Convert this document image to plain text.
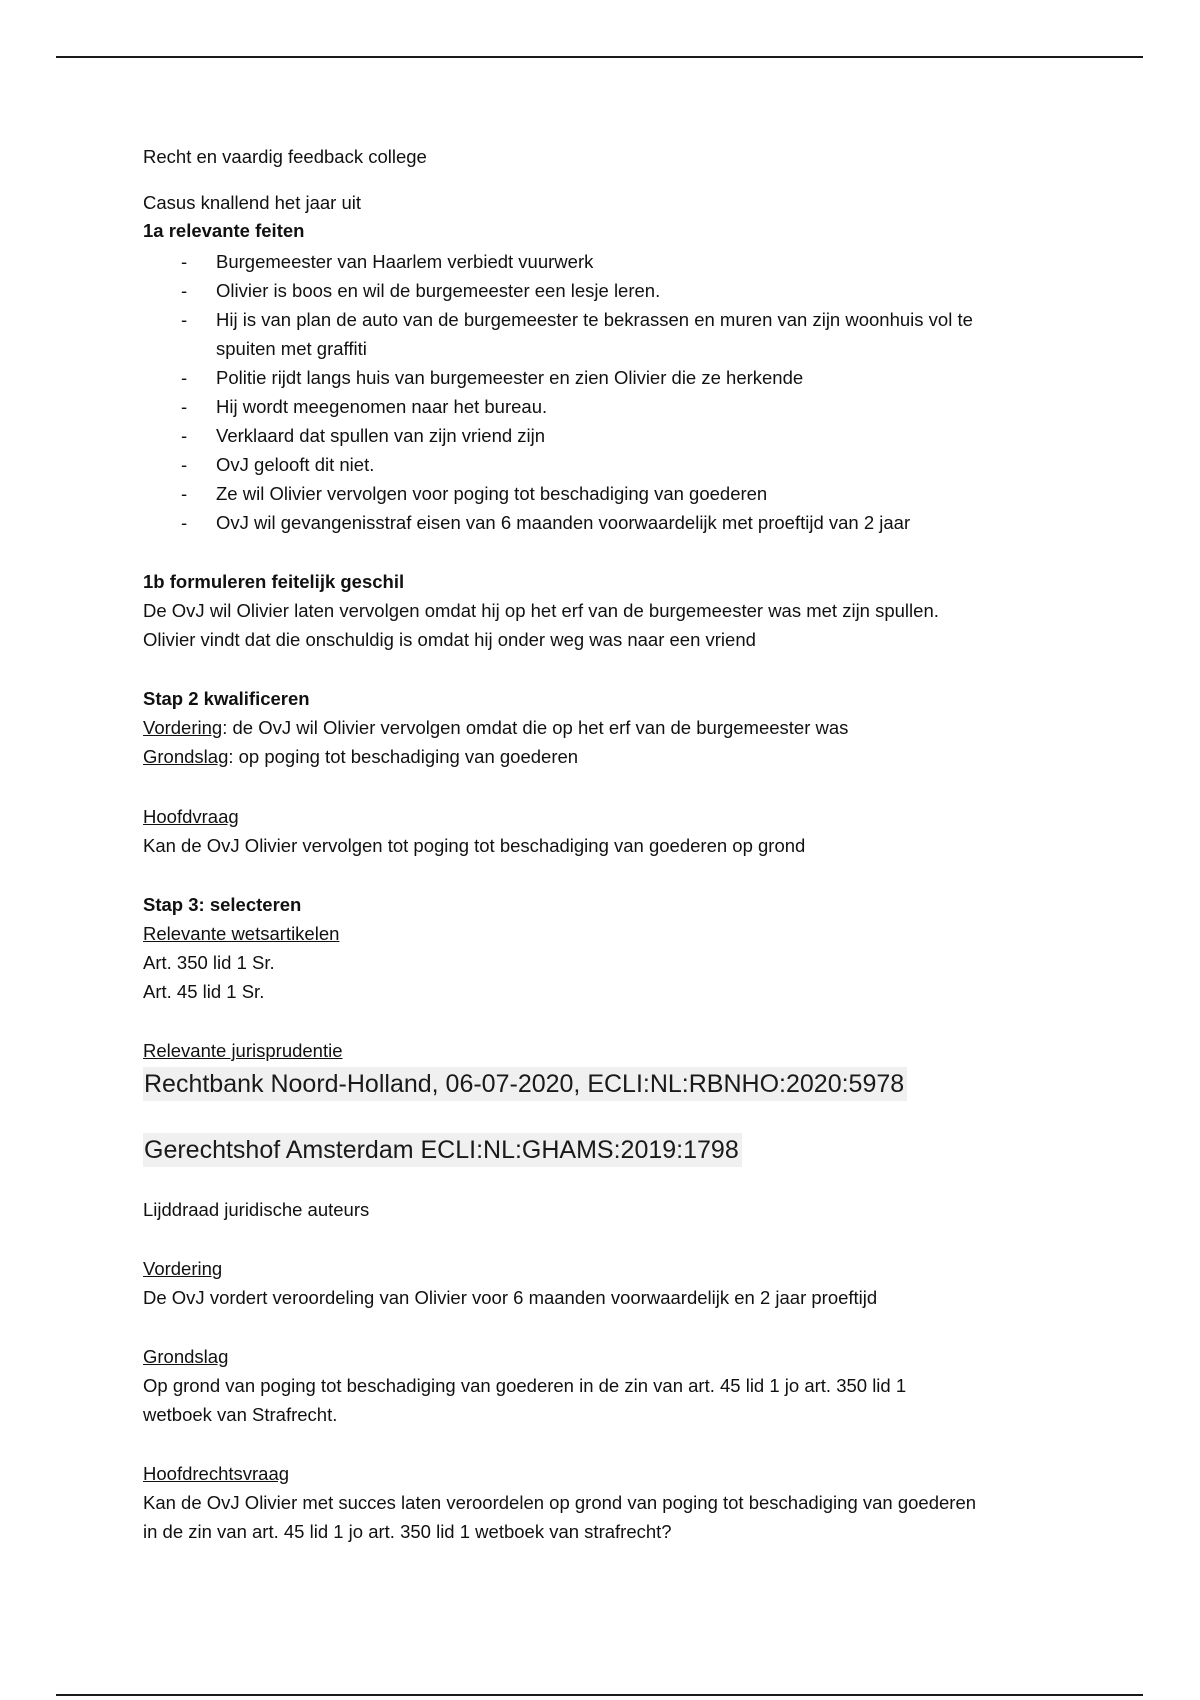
Recht en vaardig feedback college
Casus knallend het jaar uit
1a relevante feiten
- Burgemeester van Haarlem verbiedt vuurwerk
- Olivier is boos en wil de burgemeester een lesje leren.
- Hij is van plan de auto van de burgemeester te bekrassen en muren van zijn woonhuis vol te
spuiten met graffiti
- Politie rijdt langs huis van burgemeester en zien Olivier die ze herkende
- Hij wordt meegenomen naar het bureau.
- Verklaard dat spullen van zijn vriend zijn
- OvJ gelooft dit niet.
- Ze wil Olivier vervolgen voor poging tot beschadiging van goederen
- OvJ wil gevangenisstraf eisen van 6 maanden voorwaardelijk met proeftijd van 2 jaar
1b formuleren feitelijk geschil
De OvJ wil Olivier laten vervolgen omdat hij op het erf van de burgemeester was met zijn spullen.
Olivier vindt dat die onschuldig is omdat hij onder weg was naar een vriend
Stap 2 kwalificeren
Vordering: de OvJ wil Olivier vervolgen omdat die op het erf van de burgemeester was
Grondslag: op poging tot beschadiging van goederen
Hoofdvraag
Kan de OvJ Olivier vervolgen tot poging tot beschadiging van goederen op grond
Stap 3: selecteren
Relevante wetsartikelen
Art. 350 lid 1 Sr.
Art. 45 lid 1 Sr.
Relevante jurisprudentie
Rechtbank Noord-Holland, 06-07-2020, ECLI:NL:RBNHO:2020:5978
Gerechtshof Amsterdam ECLI:NL:GHAMS:2019:1798
Lijddraad juridische auteurs
Vordering
De OvJ vordert veroordeling van Olivier voor 6 maanden voorwaardelijk en 2 jaar proeftijd
Grondslag
Op grond van poging tot beschadiging van goederen in de zin van art. 45 lid 1 jo art. 350 lid 1
wetboek van Strafrecht.
Hoofdrechtsvraag
Kan de OvJ Olivier met succes laten veroordelen op grond van poging tot beschadiging van goederen
in de zin van art. 45 lid 1 jo art. 350 lid 1 wetboek van strafrecht?
